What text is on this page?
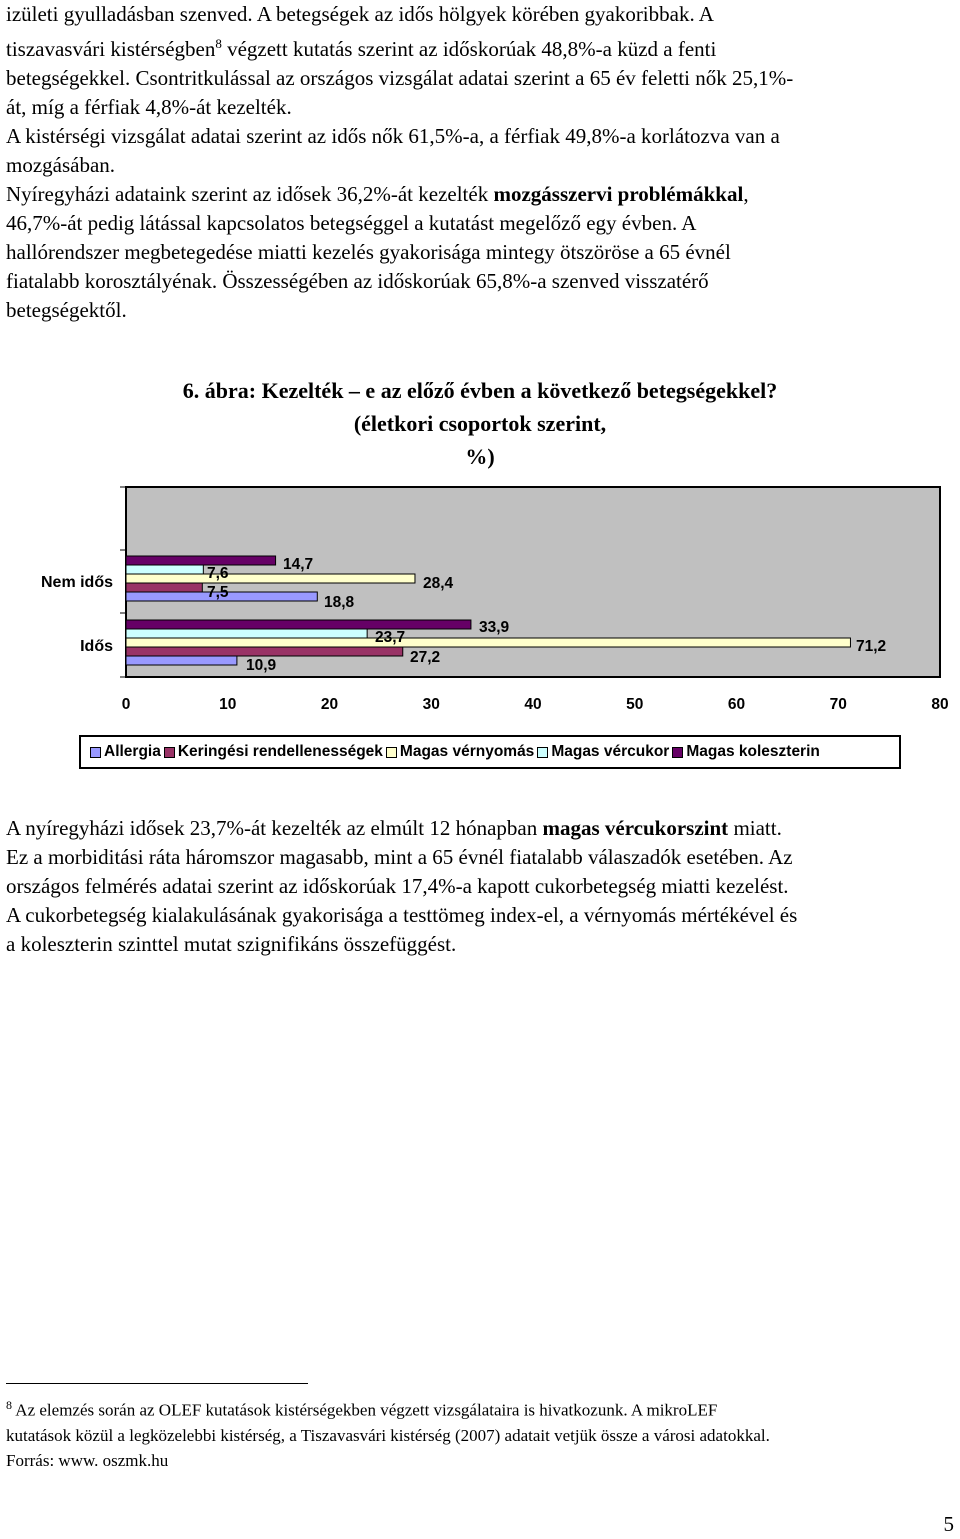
izületi gyulladásban szenved. A betegségek az idős hölgyek körében gyakoribbak. A
tiszavasvári kistérségben$^8$ végzett kutatás szerint az időskorúak 48,8%-a küzd a fenti
betegségekkel. Csontritkulással az országos vizsgálat adatai szerint a 65 év feletti nők 25,1%-
át, míg a férfiak 4,8%-át kezelték.
A kistérségi vizsgálat adatai szerint az idős nők 61,5%-a, a férfiak 49,8%-a korlátozva van a
mozgásában.
Nyíregyházi adataink szerint az idősek 36,2%-át kezelték mozgásszervi problémákkal,
46,7%-át pedig látással kapcsolatos betegséggel a kutatást megelőző egy évben. A
hallórendszer megbetegedése miatti kezelés gyakorisága mintegy ötszöröse a 65 évnél
fiatalabb korosztályénak. Összességében az időskorúak 65,8%-a szenved visszatérő
betegségektől.
6. ábra: Kezelték – e az előző évben a következő betegségekkel?
(életkori csoportok szerint,
%)
Nem idős
Idős
18,8
10,9
7,5
27,2
28,4
71,2
7,6
23,7
14,7
33,9
0	10	20	30	40	50	60	70	80
Allergia Keringési rendellenességek Magas vérnyomás Magas vércukor Magas koleszterin
A nyíregyházi idősek 23,7%-át kezelték az elmúlt 12 hónapban magas vércukorszint miatt.
Ez a morbiditási ráta háromszor magasabb, mint a 65 évnél fiatalabb válaszadók esetében. Az
országos felmérés adatai szerint az időskorúak 17,4%-a kapott cukorbetegség miatti kezelést.
A cukorbetegség kialakulásának gyakorisága a testtömeg index-el, a vérnyomás mértékével és
a koleszterin szinttel mutat szignifikáns összefüggést.
$^8$ Az elemzés során az OLEF kutatások kistérségekben végzett vizsgálataira is hivatkozunk. A mikroLEF
kutatások közül a legközelebbi kistérség, a Tiszavasvári kistérség (2007) adatait vetjük össze a városi adatokkal.
Forrás: www. oszmk.hu
5
